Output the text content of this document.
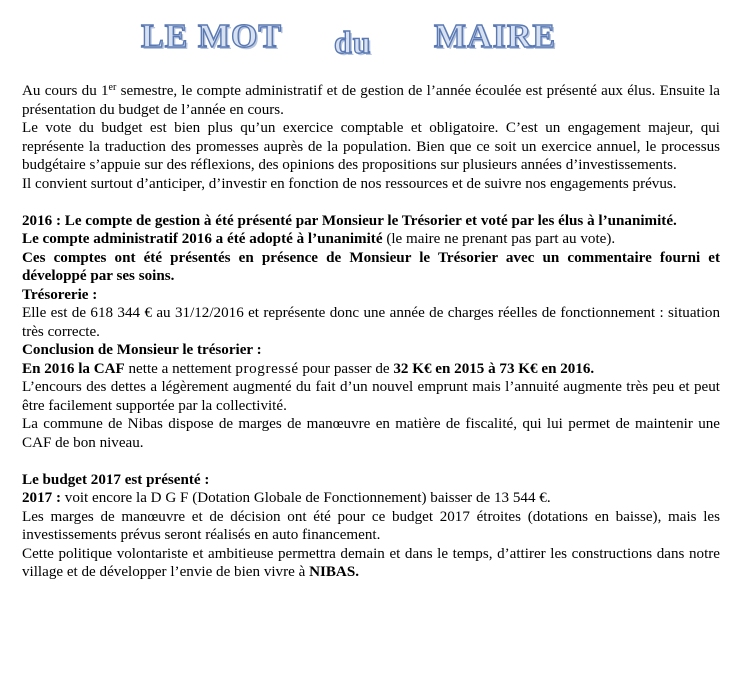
LE MOT du MAIRE

Au cours du 1er semestre, le compte administratif et de gestion de l’année écoulée est présenté aux élus. Ensuite la présentation du budget de l’année en cours.

Le vote du budget est bien plus qu’un exercice comptable et obligatoire. C’est un engagement majeur, qui représente la traduction des promesses auprès de la population. Bien que ce soit un exercice annuel, le processus budgétaire s’appuie sur des réflexions, des opinions des propositions sur plusieurs années d’investissements.

Il convient surtout d’anticiper, d’investir en fonction de nos ressources et de suivre nos engagements prévus.

2016 : Le compte de gestion à été présenté par Monsieur le Trésorier et voté par les élus à l’unanimité.

Le compte administratif 2016 a été adopté à l’unanimité (le maire ne prenant pas part au vote).

Ces comptes ont été présentés en présence de Monsieur le Trésorier avec un commentaire fourni et développé par ses soins.

Trésorerie :

Elle est de 618 344 € au 31/12/2016 et représente donc une année de charges réelles de fonctionnement : situation très correcte.

Conclusion de Monsieur le trésorier :

En 2016 la CAF nette a nettement progressé pour passer de 32 K€ en 2015 à 73 K€ en 2016.

L’encours des dettes a légèrement augmenté du fait d’un nouvel emprunt mais l’annuité augmente très peu et peut être facilement supportée par la collectivité.

La commune de Nibas dispose de marges de manœuvre en matière de fiscalité, qui lui permet de maintenir une CAF de bon niveau.

Le budget 2017 est présenté :

2017 : voit encore la D G F (Dotation Globale de Fonctionnement) baisser de 13 544 €.

Les marges de manœuvre et de décision ont été pour ce budget 2017 étroites (dotations en baisse), mais les investissements prévus seront réalisés en auto financement.

Cette politique volontariste et ambitieuse permettra demain et dans le temps, d’attirer les constructions dans notre village et de développer l’envie de bien vivre à NIBAS.
